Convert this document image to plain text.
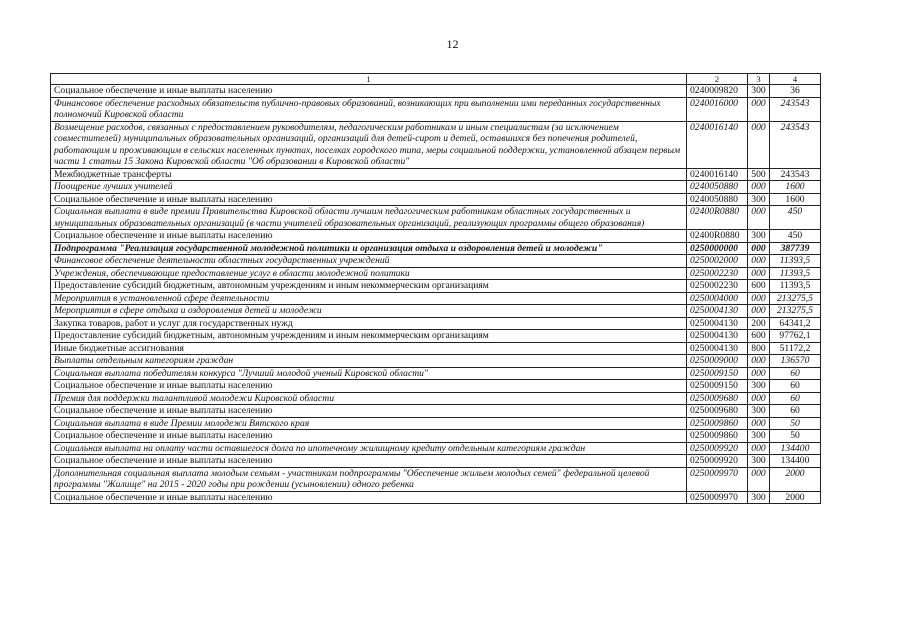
12
1	2	3	4
Социальное обеспечение и иные выплаты населению	0240009820	300	36
Финансовое обеспечение расходных обязательств публично-правовых образований, возникающих при выполнении ими переданных государственных полномочий Кировской области	0240016000	000	243543
Возмещение расходов, связанных с предоставлением руководителям, педагогическим работникам и иным специалистам (за исключением совместителей) муниципальных образовательных организаций, организаций для детей-сирот и детей, оставшихся без попечения родителей, работающим и проживающим в сельских населенных пунктах, поселках городского типа, меры социальной поддержки, установленной абзацем первым части 1 статьи 15 Закона Кировской области "Об образовании в Кировской области"	0240016140	000	243543
Межбюджетные трансферты	0240016140	500	243543
Поощрение лучших учителей	0240050880	000	1600
Социальное обеспечение и иные выплаты населению	0240050880	300	1600
Социальная выплата в виде премии Правительства Кировской области лучшим педагогическим работникам областных государственных и муниципальных образовательных организаций (в части учителей образовательных организаций, реализующих программы общего образования)	02400R0880	000	450
Социальное обеспечение и иные выплаты населению	02400R0880	300	450
Подпрограмма "Реализация государственной молодежной политики и организация отдыха и оздоровления детей и молодежи"	0250000000	000	387739
Финансовое обеспечение деятельности областных государственных учреждений	0250002000	000	11393,5
Учреждения, обеспечивающие предоставление услуг в области молодежной политики	0250002230	000	11393,5
Предоставление субсидий бюджетным, автономным учреждениям и иным некоммерческим организациям	0250002230	600	11393,5
Мероприятия в установленной сфере деятельности	0250004000	000	213275,5
Мероприятия в сфере отдыха и оздоровления детей и молодежи	0250004130	000	213275,5
Закупка товаров, работ и услуг для государственных нужд	0250004130	200	64341,2
Предоставление субсидий бюджетным, автономным учреждениям и иным некоммерческим организациям	0250004130	600	97762,1
Иные бюджетные ассигнования	0250004130	800	51172,2
Выплаты отдельным категориям граждан	0250009000	000	136570
Социальная выплата победителям конкурса "Лучший молодой ученый Кировской области"	0250009150	000	60
Социальное обеспечение и иные выплаты населению	0250009150	300	60
Премия для поддержки талантливой молодежи Кировской области	0250009680	000	60
Социальное обеспечение и иные выплаты населению	0250009680	300	60
Социальная выплата в виде Премии молодежи Вятского края	0250009860	000	50
Социальное обеспечение и иные выплаты населению	0250009860	300	50
Социальная выплата на оплату части оставшегося долга по ипотечному жилищному кредиту отдельным категориям граждан	0250009920	000	134400
Социальное обеспечение и иные выплаты населению	0250009920	300	134400
Дополнительная социальная выплата молодым семьям - участникам подпрограммы "Обеспечение жильем молодых семей" федеральной целевой программы "Жилище" на 2015 - 2020 годы при рождении (усыновлении) одного ребенка	0250009970	000	2000
Социальное обеспечение и иные выплаты населению	0250009970	300	2000
